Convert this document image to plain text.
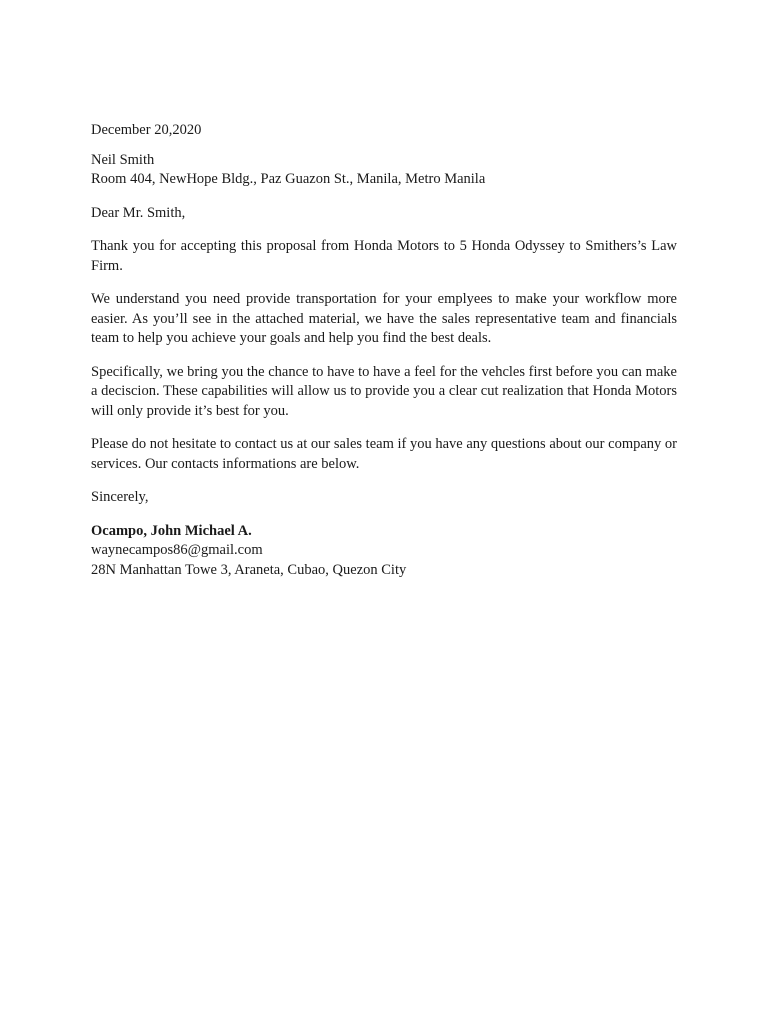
December 20,2020

Neil Smith
Room 404, NewHope Bldg., Paz Guazon St., Manila, Metro Manila

Dear Mr. Smith,

Thank you for accepting this proposal from Honda Motors to 5 Honda Odyssey to Smithers’s Law Firm.

We understand you need provide transportation for your emplyees to make your workflow more easier. As you’ll see in the attached material, we have the sales representative team and financials team to help you achieve your goals and help you find the best deals.

Specifically, we bring you the chance to have to have a feel for the vehcles first before you can make a deciscion. These capabilities will allow us to provide you a clear cut realization that Honda Motors will only provide it’s best for you.

Please do not hesitate to contact us at our sales team if you have any questions about our company or services. Our contacts informations are below.

Sincerely,

Ocampo, John Michael A.
waynecampos86@gmail.com
28N Manhattan Towe 3, Araneta, Cubao, Quezon City
